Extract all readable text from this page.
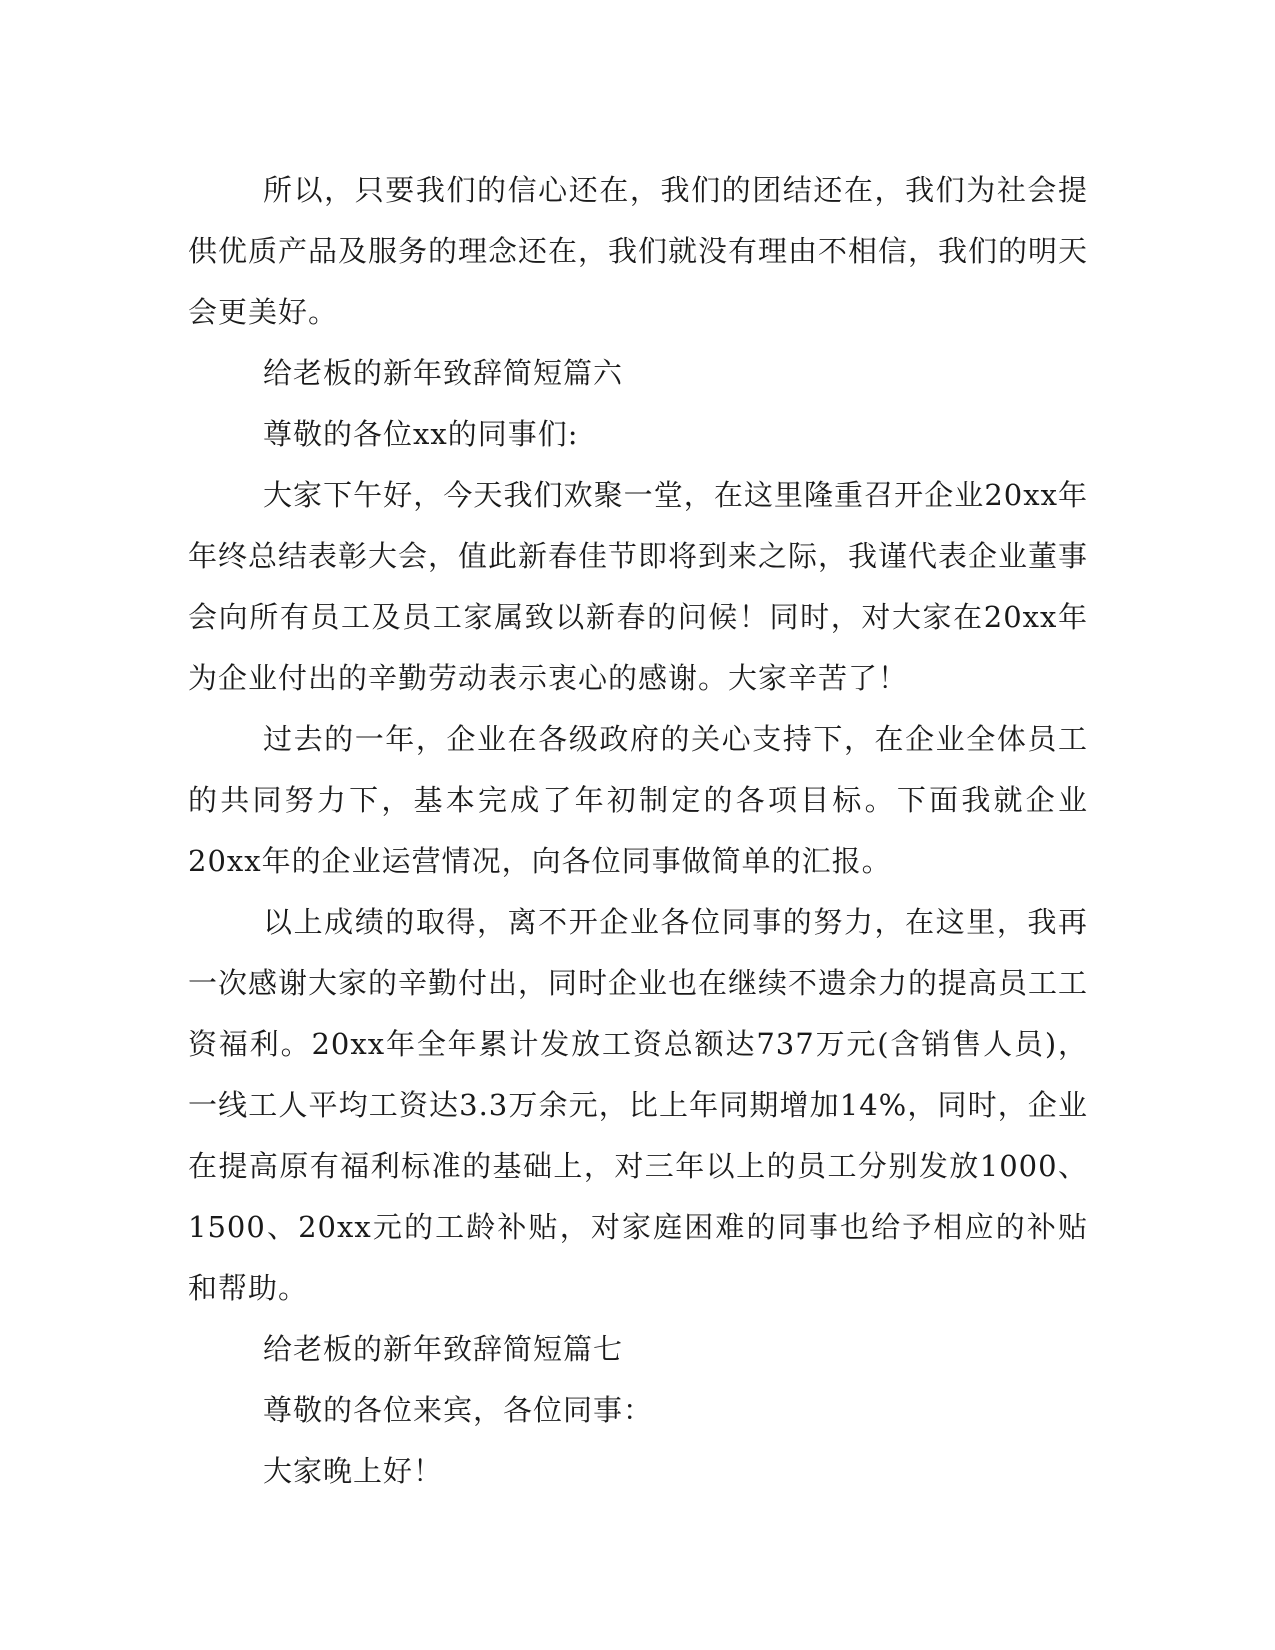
所以，只要我们的信心还在，我们的团结还在，我们为社会提供优质产品及服务的理念还在，我们就没有理由不相信，我们的明天会更美好。

给老板的新年致辞简短篇六

尊敬的各位xx的同事们:

大家下午好，今天我们欢聚一堂，在这里隆重召开企业20xx年年终总结表彰大会，值此新春佳节即将到来之际，我谨代表企业董事会向所有员工及员工家属致以新春的问候！同时，对大家在20xx年为企业付出的辛勤劳动表示衷心的感谢。大家辛苦了！

过去的一年，企业在各级政府的关心支持下，在企业全体员工的共同努力下，基本完成了年初制定的各项目标。下面我就企业20xx年的企业运营情况，向各位同事做简单的汇报。

以上成绩的取得，离不开企业各位同事的努力，在这里，我再一次感谢大家的辛勤付出，同时企业也在继续不遗余力的提高员工工资福利。20xx年全年累计发放工资总额达737万元(含销售人员)，一线工人平均工资达3.3万余元，比上年同期增加14%，同时，企业在提高原有福利标准的基础上，对三年以上的员工分别发放1000、1500、20xx元的工龄补贴，对家庭困难的同事也给予相应的补贴和帮助。

给老板的新年致辞简短篇七

尊敬的各位来宾，各位同事：

大家晚上好！
